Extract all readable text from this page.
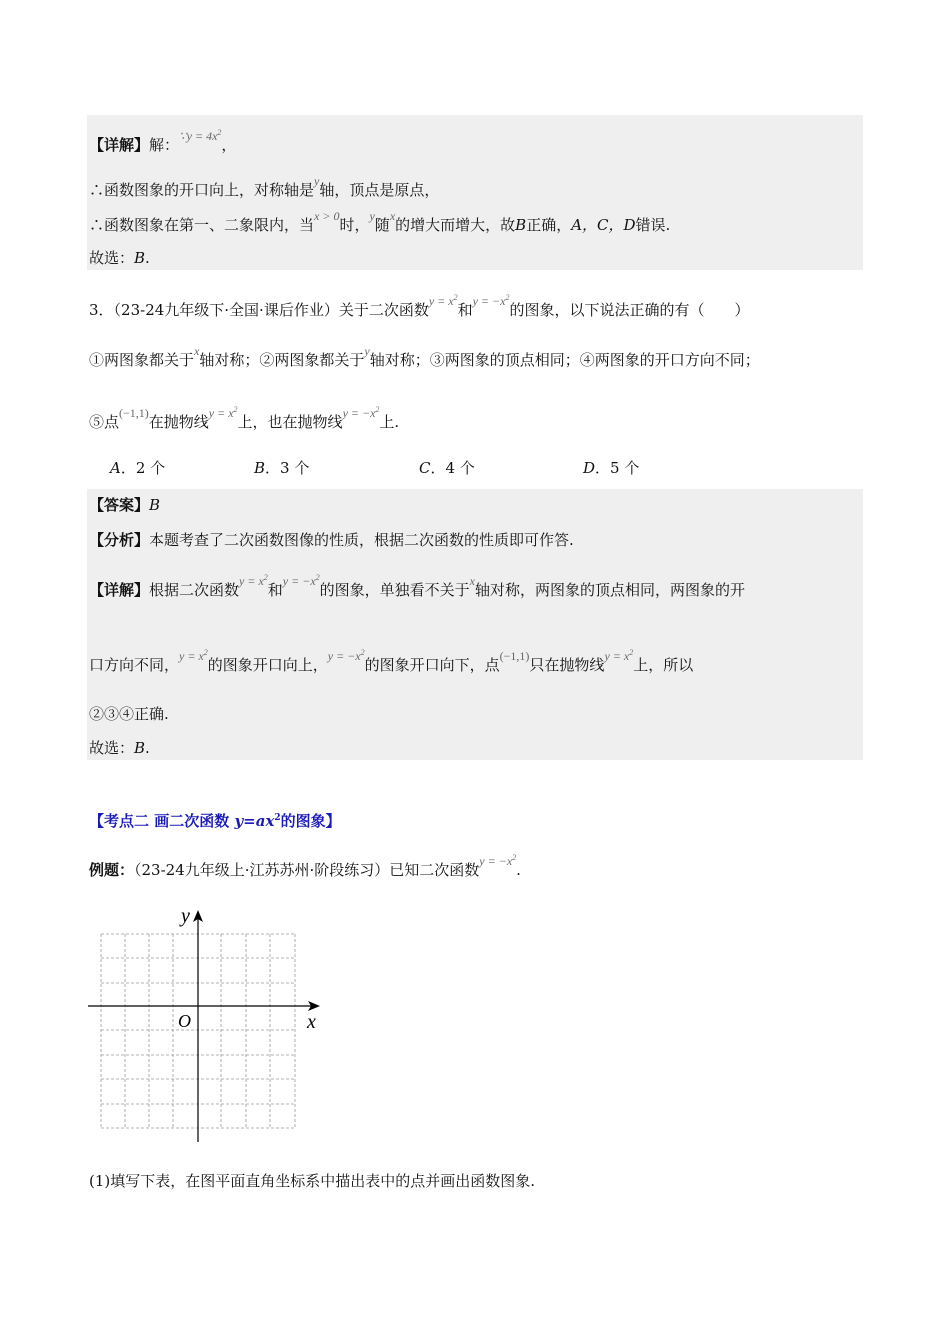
【详解】解：$^{\because y = 4x^2}$，
∴函数图象的开口向上，对称轴是$^y$轴，顶点是原点，
∴函数图象在第一、二象限内，当$^{x > 0}$时，$^y$随$^x$的增大而增大，故B正确，A，C，D错误.
故选：B.
3．（23-24九年级下·全国·课后作业）关于二次函数$^{y = x^2}$和$^{y = -x^2}$的图象，以下说法正确的有（　　）
①两图象都关于$^x$轴对称；②两图象都关于$^y$轴对称；③两图象的顶点相同；④两图象的开口方向不同；
⑤点$^{(-1,1)}$在抛物线$^{y = x^2}$上，也在抛物线$^{y = -x^2}$上.
A．2 个	B．3 个	C．4 个	D．5 个
【答案】B
【分析】本题考查了二次函数图像的性质，根据二次函数的性质即可作答.
【详解】根据二次函数$^{y = x^2}$和$^{y = -x^2}$的图象，单独看不关于$^x$轴对称，两图象的顶点相同，两图象的开
口方向不同，$^{y = x^2}$的图象开口向上，$^{y = -x^2}$的图象开口向下，点$^{(-1,1)}$只在抛物线$^{y = x^2}$上，所以
②③④正确.
故选：B.
【考点二 画二次函数 $y=ax^2$的图象】
例题：（23-24九年级上·江苏苏州·阶段练习）已知二次函数$^{y = -x^2}$.
y
x
O
(1)填写下表，在图平面直角坐标系中描出表中的点并画出函数图象.
